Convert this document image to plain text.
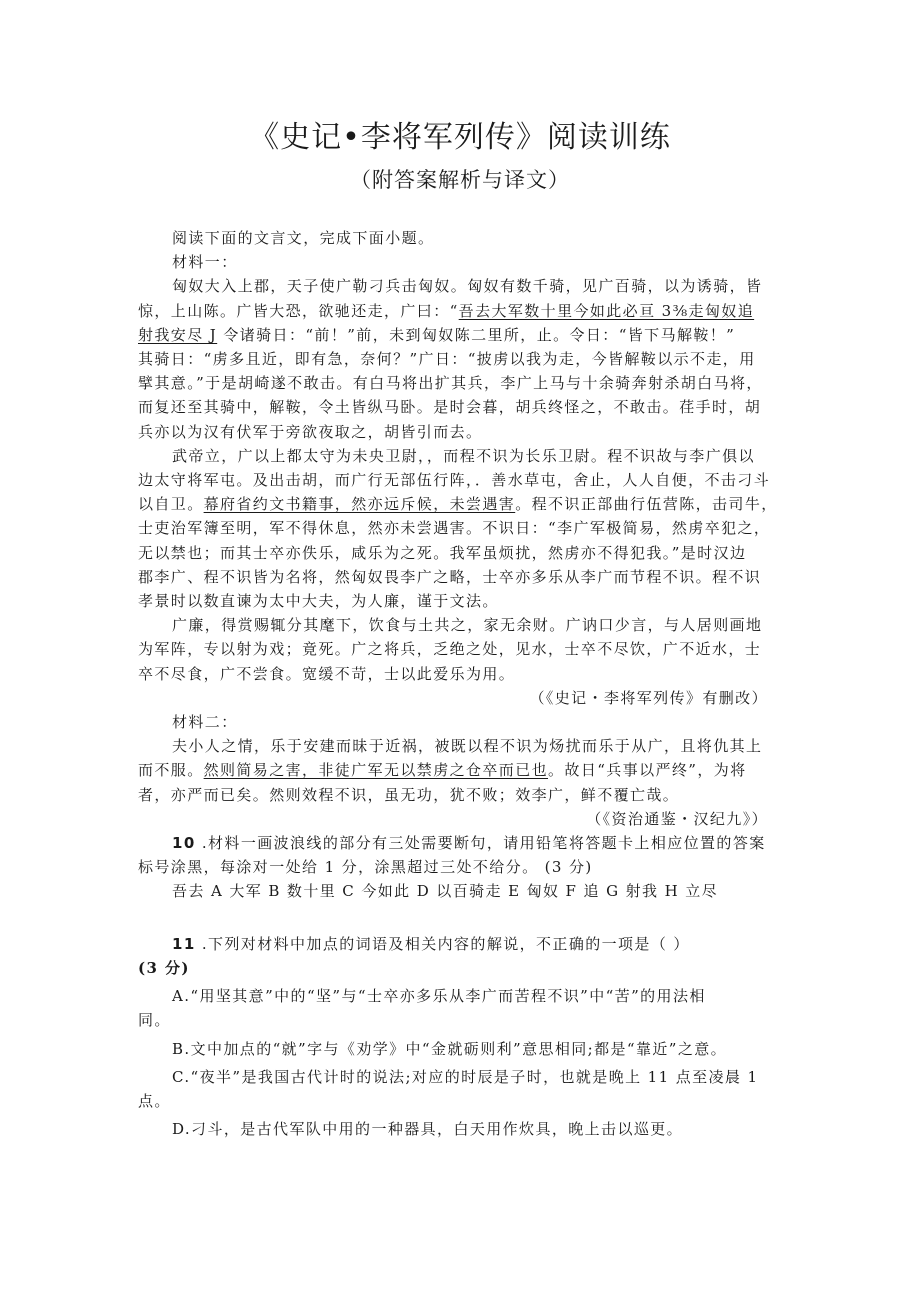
《史记•李将军列传》阅读训练
（附答案解析与译文）
阅读下面的文言文，完成下面小题。
材料一：
匈奴大入上郡，天子使广勒刁兵击匈奴。匈奴有数千骑，见广百骑，以为诱骑，皆
惊，上山陈。广皆大恐，欲驰还走，广曰：“吾去大军数十里今如此必亘 3⅜走匈奴追
射我安尽 J 令诸骑日：“前！”前，未到匈奴陈二里所，止。令日：“皆下马解鞍！”
其骑日：“虏多且近，即有急，奈何？”广日：“披虏以我为走，今皆解鞍以示不走，用
擘其意。”于是胡崎遂不敢击。有白马将出扩其兵，李广上马与十余骑奔射杀胡白马将，
而复还至其骑中，解鞍，令土皆纵马卧。是时会暮，胡兵终怪之，不敢击。荏手时，胡
兵亦以为汉有伏军于旁欲夜取之，胡皆引而去。
武帝立，广以上都太守为未央卫尉，，而程不识为长乐卫尉。程不识故与李广俱以
边太守将军屯。及出击胡，而广行无部伍行阵，．善水草屯，舍止，人人自便，不击刁斗
以自卫。幕府省约文书籍事，然亦远斥候，未尝遇害。程不识正部曲行伍营陈，击司牛，
士吏治军簿至明，军不得休息，然亦未尝遇害。不识日：“李广军极简易，然虏卒犯之，
无以禁也；而其士卒亦佚乐，咸乐为之死。我军虽烦扰，然虏亦不得犯我。”是时汉边
郡李广、程不识皆为名将，然匈奴畏李广之略，士卒亦多乐从李广而节程不识。程不识
孝景时以数直谏为太中大夫，为人廉，谨于文法。
广廉，得赏赐辄分其麾下，饮食与土共之，家无余财。广讷口少言，与人居则画地
为军阵，专以射为戏；竟死。广之将兵，乏绝之处，见水，士卒不尽饮，广不近水，士
卒不尽食，广不尝食。宽缓不苛，士以此爱乐为用。
（《史记・李将军列传》有删改）
材料二：
夫小人之情，乐于安建而昧于近祸，被既以程不识为炀扰而乐于从广，且将仇其上
而不服。然则简易之害，非徒广军无以禁虏之仓卒而已也。故日“兵事以严终”，为将
者，亦严而已矣。然则效程不识，虽无功，犹不败；效李广，鲜不覆亡哉。
（《资治通鉴・汉纪九》）
10 .材料一画波浪线的部分有三处需要断句，请用铅笔将答题卡上相应位置的答案
标号涂黑，每涂对一处给 1 分，涂黑超过三处不给分。 (3 分)
吾去 A 大军 B 数十里 C 今如此 D 以百骑走 E 匈奴 F 追 G 射我 H 立尽
11 .下列对材料中加点的词语及相关内容的解说，不正确的一项是（ ）
(3 分)
A.“用坚其意”中的“坚”与“士卒亦多乐从李广而苦程不识”中“苦”的用法相
同。
B.文中加点的“就”字与《劝学》中“金就砺则利”意思相同;都是“靠近”之意。
C.“夜半”是我国古代计时的说法;对应的时辰是子时，也就是晚上 11 点至凌晨 1
点。
D.刁斗，是古代军队中用的一种器具，白天用作炊具，晚上击以巡更。
